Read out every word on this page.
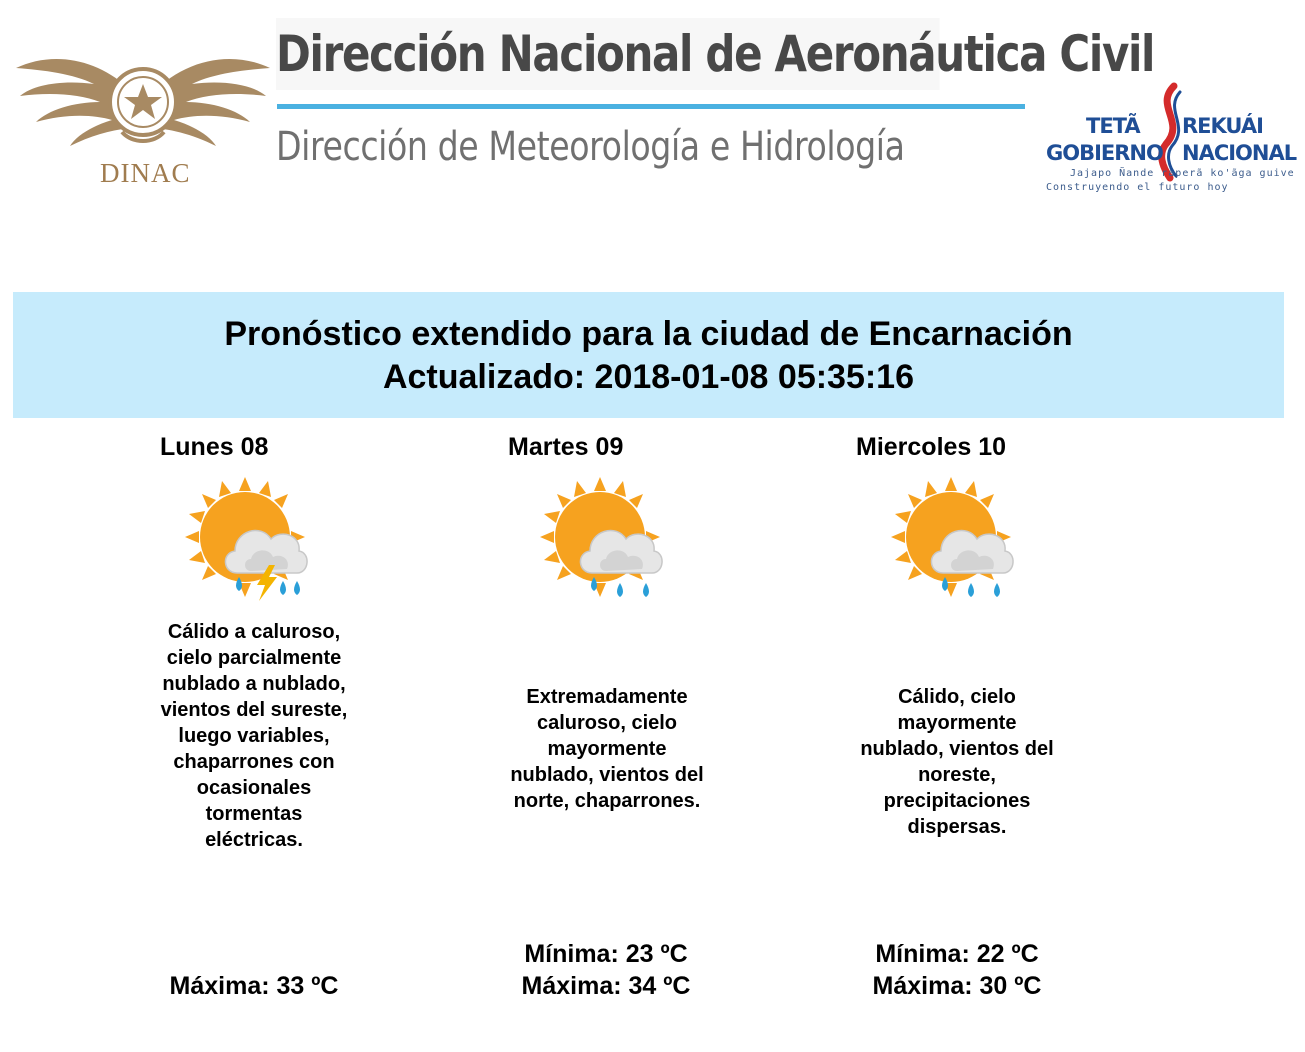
DINAC
Dirección Nacional de Aeronáutica Civil
Dirección de Meteorología e Hidrología	TETÃ REKUÁI
GOBIERNO NACIONAL
Jajapo Ñande raperã ko'ãga guive
Construyendo el futuro hoy
Pronóstico extendido para la ciudad de Encarnación
Actualizado: 2018-01-08 05:35:16
Lunes 08
Cálido a caluroso, cielo parcialmente nublado a nublado, vientos del sureste, luego variables, chaparrones con ocasionales tormentas eléctricas.
Máxima: 33 ºC
Martes 09
Extremadamente caluroso, cielo mayormente nublado, vientos del norte, chaparrones.
Mínima: 23 ºC
Máxima: 34 ºC
Miercoles 10
Cálido, cielo mayormente nublado, vientos del noreste, precipitaciones dispersas.
Mínima: 22 ºC
Máxima: 30 ºC
